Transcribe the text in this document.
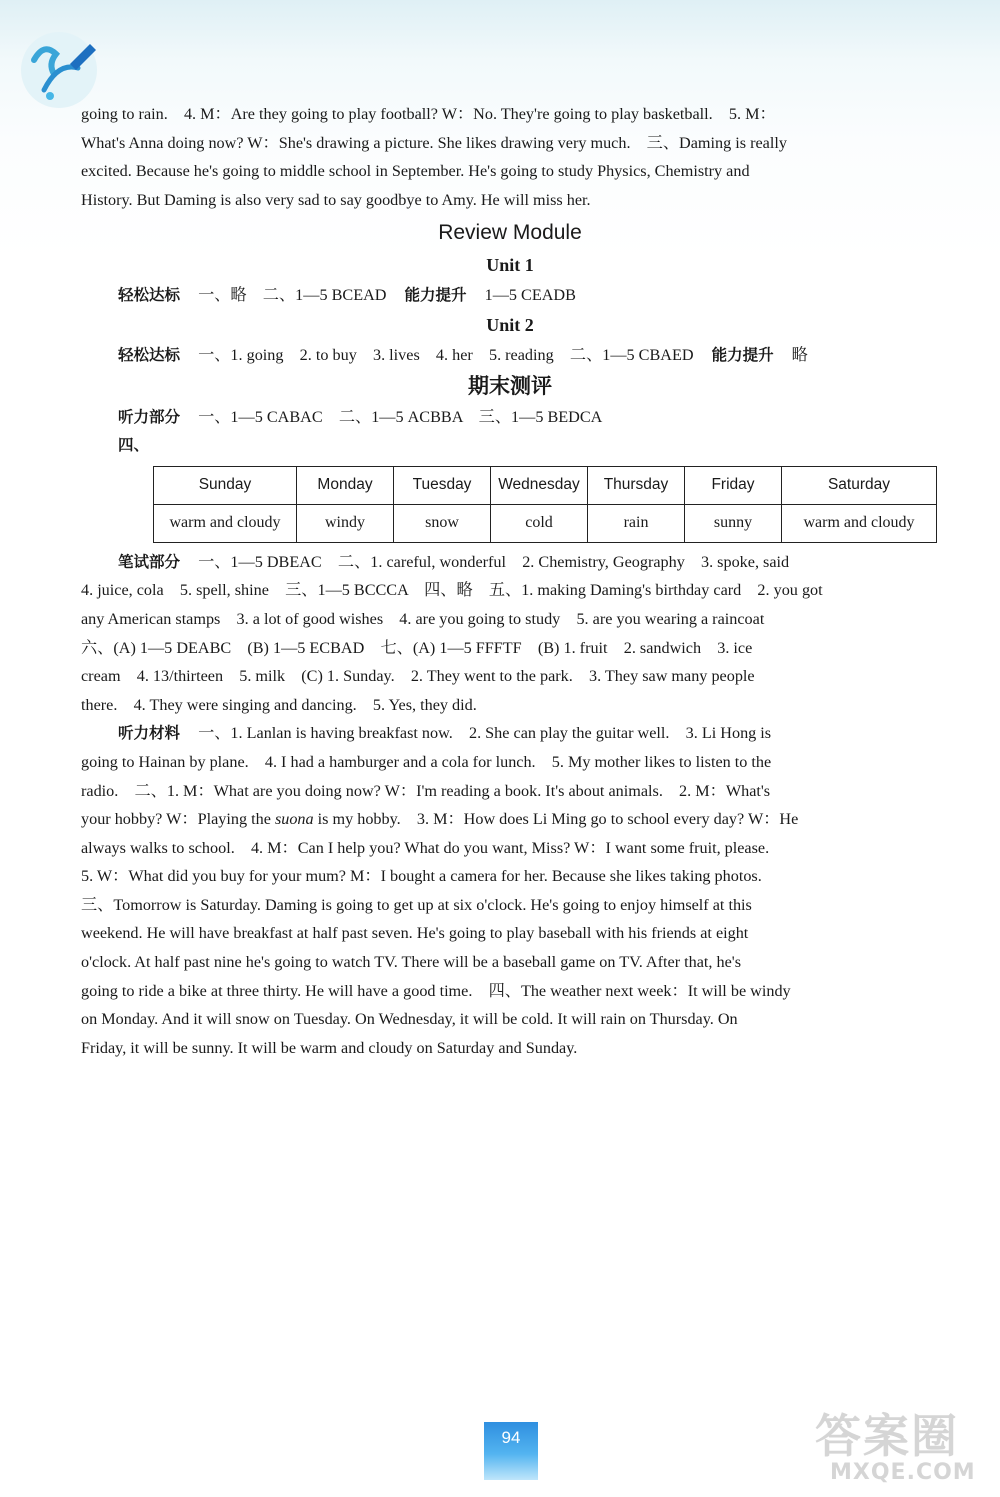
going to rain.　4. M：Are they going to play football? W：No. They're going to play basketball.　5. M：

What's Anna doing now? W：She's drawing a picture. She likes drawing very much.　三、Daming is really

excited. Because he's going to middle school in September. He's going to study Physics, Chemistry and

History. But Daming is also very sad to say goodbye to Amy. He will miss her.

Review Module
Unit 1

轻松达标 一、略　二、1—5 BCEAD 能力提升 1—5 CEADB

Unit 2

轻松达标 一、1. going　2. to buy　3. lives　4. her　5. reading　二、1—5 CBAED 能力提升 略

期末测评

听力部分 一、1—5 CABAC　二、1—5 ACBBA　三、1—5 BEDCA

四、

Sunday	Monday	Tuesday	Wednesday	Thursday	Friday	Saturday
warm and cloudy	windy	snow	cold	rain	sunny	warm and cloudy

笔试部分 一、1—5 DBEAC　二、1. careful, wonderful　2. Chemistry, Geography　3. spoke, said

4. juice, cola　5. spell, shine　三、1—5 BCCCA　四、略　五、1. making Daming's birthday card　2. you got

any American stamps　3. a lot of good wishes　4. are you going to study　5. are you wearing a raincoat

六、(A) 1—5 DEABC　(B) 1—5 ECBAD　七、(A) 1—5 FFFTF　(B) 1. fruit　2. sandwich　3. ice

cream　4. 13/thirteen　5. milk　(C) 1. Sunday.　2. They went to the park.　3. They saw many people

there.　4. They were singing and dancing.　5. Yes, they did.

听力材料 一、1. Lanlan is having breakfast now.　2. She can play the guitar well.　3. Li Hong is

going to Hainan by plane.　4. I had a hamburger and a cola for lunch.　5. My mother likes to listen to the

radio.　二、1. M：What are you doing now? W：I'm reading a book. It's about animals.　2. M：What's

your hobby? W：Playing the suona is my hobby.　3. M：How does Li Ming go to school every day? W：He

always walks to school.　4. M：Can I help you? What do you want, Miss? W：I want some fruit, please.

5. W：What did you buy for your mum? M：I bought a camera for her. Because she likes taking photos.

三、Tomorrow is Saturday. Daming is going to get up at six o'clock. He's going to enjoy himself at this

weekend. He will have breakfast at half past seven. He's going to play baseball with his friends at eight

o'clock. At half past nine he's going to watch TV. There will be a baseball game on TV. After that, he's

going to ride a bike at three thirty. He will have a good time.　四、The weather next week：It will be windy

on Monday. And it will snow on Tuesday. On Wednesday, it will be cold. It will rain on Thursday. On

Friday, it will be sunny. It will be warm and cloudy on Saturday and Sunday.

94	答案圈
MXQE.COM
